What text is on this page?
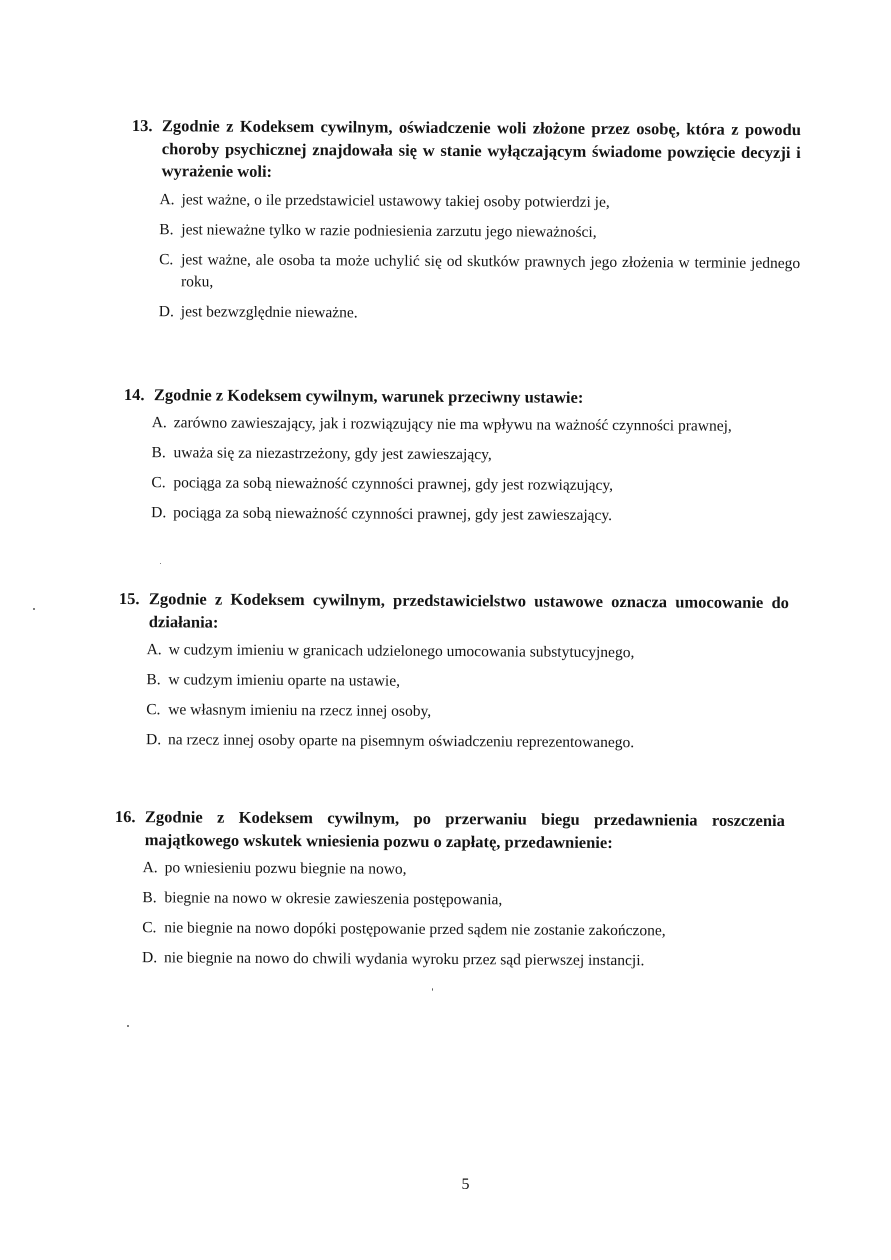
13. Zgodnie z Kodeksem cywilnym, oświadczenie woli złożone przez osobę, która z powodu choroby psychicznej znajdowała się w stanie wyłączającym świadome powzięcie decyzji i wyrażenie woli:
A. jest ważne, o ile przedstawiciel ustawowy takiej osoby potwierdzi je,
B. jest nieważne tylko w razie podniesienia zarzutu jego nieważności,
C. jest ważne, ale osoba ta może uchylić się od skutków prawnych jego złożenia w terminie jednego roku,
D. jest bezwzględnie nieważne.
14. Zgodnie z Kodeksem cywilnym, warunek przeciwny ustawie:
A. zarówno zawieszający, jak i rozwiązujący nie ma wpływu na ważność czynności prawnej,
B. uważa się za niezastrzeżony, gdy jest zawieszający,
C. pociąga za sobą nieważność czynności prawnej, gdy jest rozwiązujący,
D. pociąga za sobą nieważność czynności prawnej, gdy jest zawieszający.
15. Zgodnie z Kodeksem cywilnym, przedstawicielstwo ustawowe oznacza umocowanie do działania:
A. w cudzym imieniu w granicach udzielonego umocowania substytucyjnego,
B. w cudzym imieniu oparte na ustawie,
C. we własnym imieniu na rzecz innej osoby,
D. na rzecz innej osoby oparte na pisemnym oświadczeniu reprezentowanego.
16. Zgodnie z Kodeksem cywilnym, po przerwaniu biegu przedawnienia roszczenia majątkowego wskutek wniesienia pozwu o zapłatę, przedawnienie:
A. po wniesieniu pozwu biegnie na nowo,
B. biegnie na nowo w okresie zawieszenia postępowania,
C. nie biegnie na nowo dopóki postępowanie przed sądem nie zostanie zakończone,
D. nie biegnie na nowo do chwili wydania wyroku przez sąd pierwszej instancji.
5
